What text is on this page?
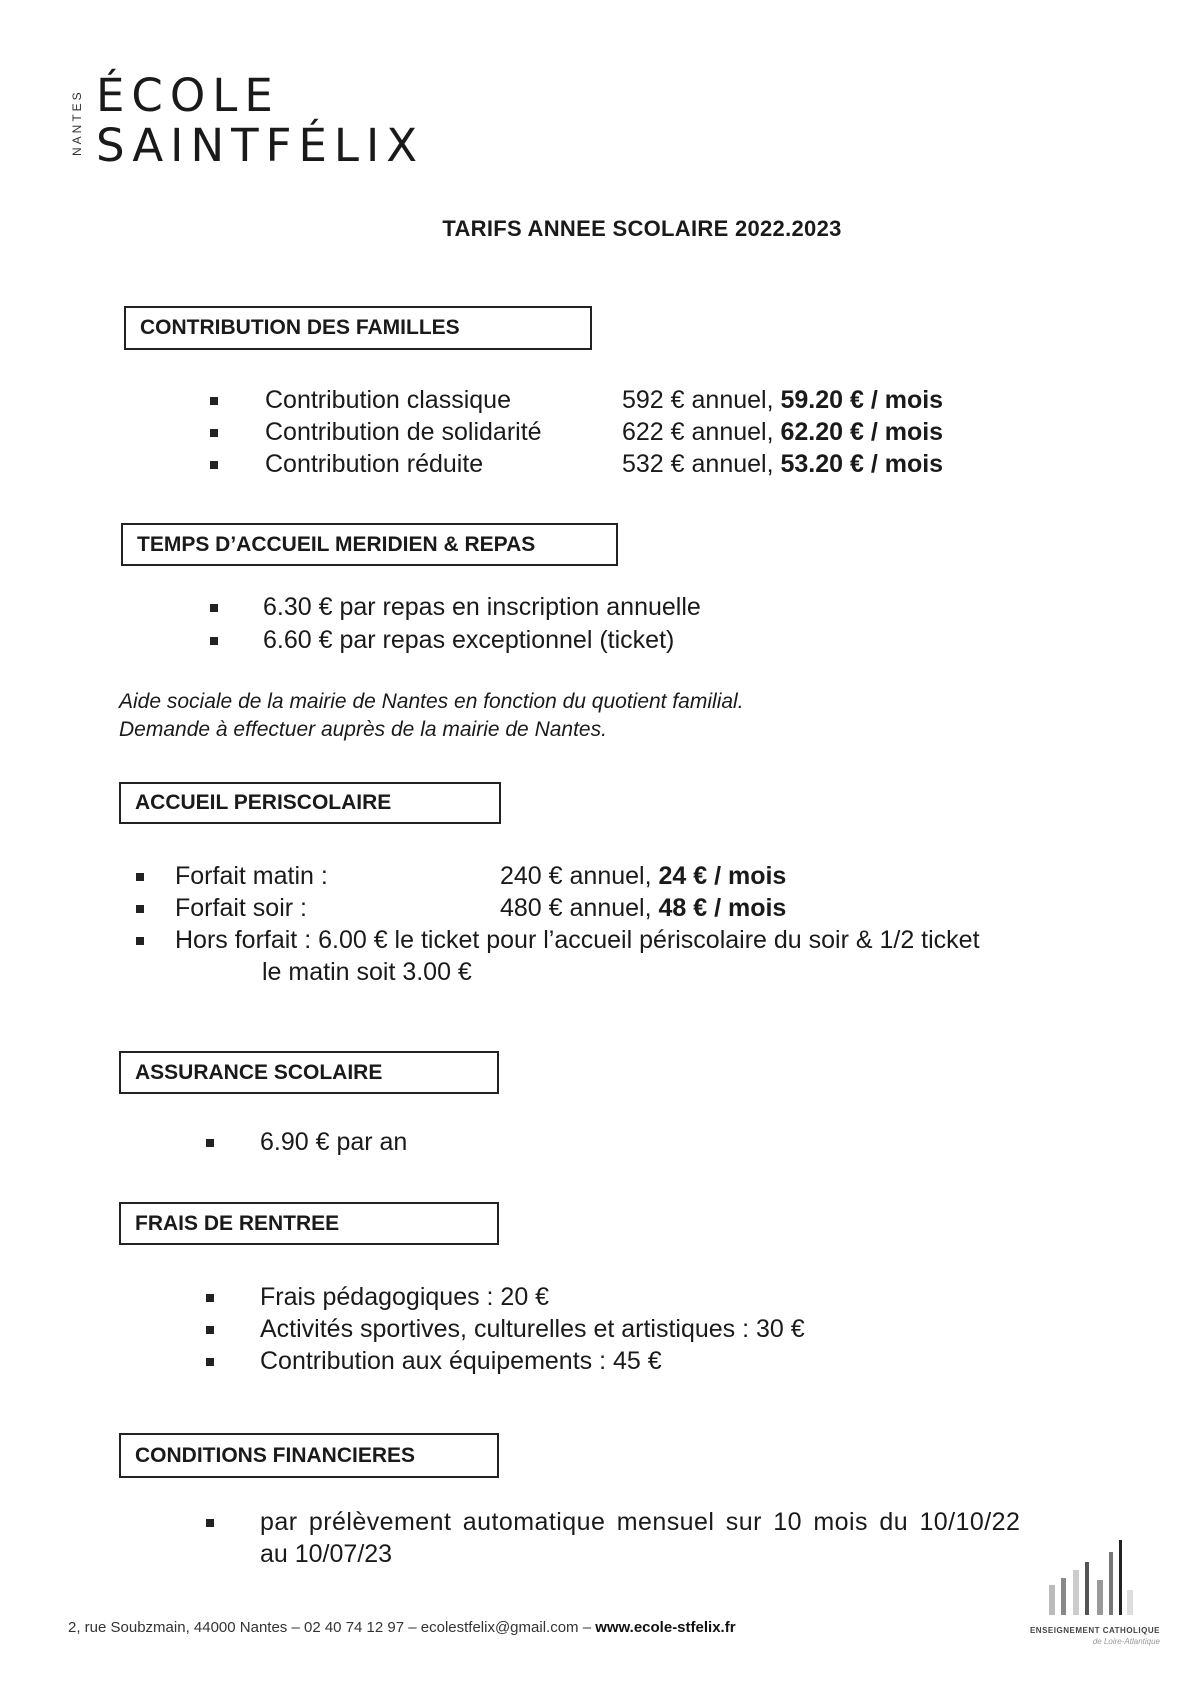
NANTES ÉCOLE
SAINTFÉLIX
TARIFS ANNEE SCOLAIRE 2022.2023
CONTRIBUTION DES FAMILLES
Contribution classique	592 € annuel, 59.20 € / mois
Contribution de solidarité	622 € annuel, 62.20 € / mois
Contribution réduite	532 € annuel, 53.20 € / mois
TEMPS D’ACCUEIL MERIDIEN & REPAS
6.30 € par repas en inscription annuelle
6.60 € par repas exceptionnel (ticket)
Aide sociale de la mairie de Nantes en fonction du quotient familial.
Demande à effectuer auprès de la mairie de Nantes.
ACCUEIL PERISCOLAIRE
Forfait matin :	240 € annuel, 24 € / mois
Forfait soir :	480 € annuel, 48 € / mois
Hors forfait : 6.00 € le ticket pour l’accueil périscolaire du soir & 1/2 ticket
le matin soit 3.00 €
ASSURANCE SCOLAIRE
6.90 € par an
FRAIS DE RENTREE
Frais pédagogiques : 20 €
Activités sportives, culturelles et artistiques : 30 €
Contribution aux équipements : 45 €
CONDITIONS FINANCIERES
par prélèvement automatique mensuel sur 10 mois du 10/10/22
au 10/07/23
2, rue Soubzmain, 44000 Nantes – 02 40 74 12 97 – ecolestfelix@gmail.com – www.ecole-stfelix.fr	ENSEIGNEMENT CATHOLIQUE
de Loire-Atlantique
